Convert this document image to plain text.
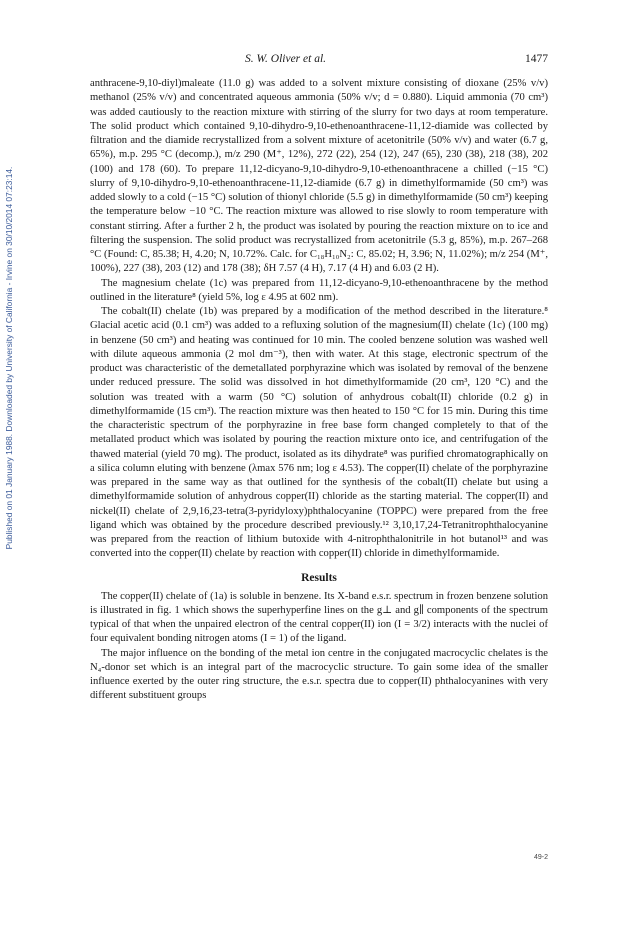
S. W. Oliver et al.	1477
Published on 01 January 1988. Downloaded by University of California - Irvine on 30/10/2014 07:23:14.

anthracene-9,10-diyl)maleate (11.0 g) was added to a solvent mixture consisting of dioxane (25% v/v) methanol (25% v/v) and concentrated aqueous ammonia (50% v/v; d = 0.880). Liquid ammonia (70 cm³) was added cautiously to the reaction mixture with stirring of the slurry for two days at room temperature. The solid product which contained 9,10-dihydro-9,10-ethenoanthracene-11,12-diamide was collected by filtration and the diamide recrystallized from a solvent mixture of acetonitrile (50% v/v) and water (6.7 g, 65%), m.p. 295 °C (decomp.), m/z 290 (M⁺, 12%), 272 (22), 254 (12), 247 (65), 230 (38), 218 (38), 202 (100) and 178 (60). To prepare 11,12-dicyano-9,10-dihydro-9,10-ethenoanthracene a chilled (−15 °C) slurry of 9,10-dihydro-9,10-ethenoanthracene-11,12-diamide (6.7 g) in dimethylformamide (50 cm³) was added slowly to a cold (−15 °C) solution of thionyl chloride (5.5 g) in dimethylformamide (50 cm³) keeping the temperature below −10 °C. The reaction mixture was allowed to rise slowly to room temperature with constant stirring. After a further 2 h, the product was isolated by pouring the reaction mixture on to ice and filtering the suspension. The solid product was recrystallized from acetonitrile (5.3 g, 85%), m.p. 267–268 °C (Found: C, 85.38; H, 4.20; N, 10.72%. Calc. for C₁₈H₁₀N₂: C, 85.02; H, 3.96; N, 11.02%); m/z 254 (M⁺, 100%), 227 (38), 203 (12) and 178 (38); δH 7.57 (4 H), 7.17 (4 H) and 6.03 (2 H).

The magnesium chelate (1c) was prepared from 11,12-dicyano-9,10-ethenoanthracene by the method outlined in the literature⁸ (yield 5%, log ε 4.95 at 602 nm).

The cobalt(II) chelate (1b) was prepared by a modification of the method described in the literature.⁸ Glacial acetic acid (0.1 cm³) was added to a refluxing solution of the magnesium(II) chelate (1c) (100 mg) in benzene (50 cm³) and heating was continued for 10 min. The cooled benzene solution was washed well with dilute aqueous ammonia (2 mol dm⁻³), then with water. At this stage, electronic spectrum of the product was characteristic of the demetallated porphyrazine which was isolated by removal of the benzene under reduced pressure. The solid was dissolved in hot dimethylformamide (20 cm³, 120 °C) and the solution was treated with a warm (50 °C) solution of anhydrous cobalt(II) chloride (0.2 g) in dimethylformamide (15 cm³). The reaction mixture was then heated to 150 °C for 15 min. During this time the characteristic spectrum of the porphyrazine in free base form changed completely to that of the metallated product which was isolated by pouring the reaction mixture onto ice, and centrifugation of the thawed material (yield 70 mg). The product, isolated as its dihydrate⁸ was purified chromatographically on a silica column eluting with benzene (λmax 576 nm; log ε 4.53). The copper(II) chelate of the porphyrazine was prepared in the same way as that outlined for the synthesis of the cobalt(II) chelate but using a dimethylformamide solution of anhydrous copper(II) chloride as the starting material. The copper(II) and nickel(II) chelate of 2,9,16,23-tetra(3-pyridyloxy)phthalocyanine (TOPPC) were prepared from the free ligand which was obtained by the procedure described previously.¹² 3,10,17,24-Tetranitrophthalocyanine was prepared from the reaction of lithium butoxide with 4-nitrophthalonitrile in hot butanol¹³ and was converted into the copper(II) chelate by reaction with copper(II) chloride in dimethylformamide.

Results

The copper(II) chelate of (1a) is soluble in benzene. Its X-band e.s.r. spectrum in frozen benzene solution is illustrated in fig. 1 which shows the superhyperfine lines on the g⊥ and g∥ components of the spectrum typical of that when the unpaired electron of the central copper(II) ion (I = 3/2) interacts with the nuclei of four equivalent bonding nitrogen atoms (I = 1) of the ligand.

The major influence on the bonding of the metal ion centre in the conjugated macrocyclic chelates is the N₄-donor set which is an integral part of the macrocyclic structure. To gain some idea of the smaller influence exerted by the outer ring structure, the e.s.r. spectra due to copper(II) phthalocyanines with very different substituent groups

49-2
